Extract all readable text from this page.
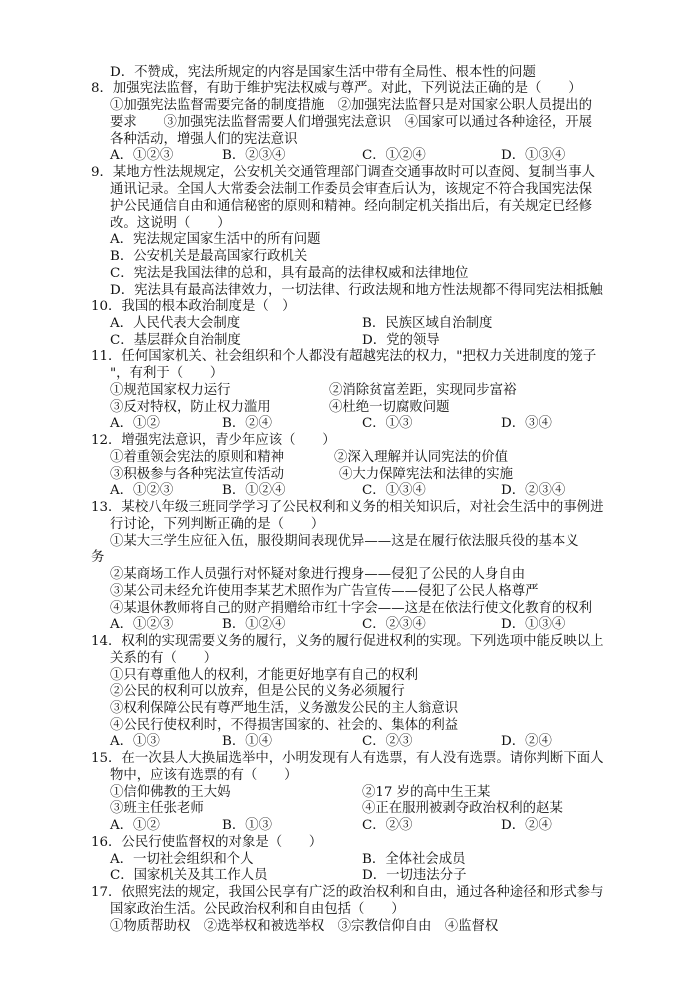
D．不赞成，宪法所规定的内容是国家生活中带有全局性、根本性的问题
8．加强宪法监督，有助于维护宪法权威与尊严。对此，下列说法正确的是（　　）
①加强宪法监督需要完备的制度措施　②加强宪法监督只是对国家公职人员提出的
要求　　③加强宪法监督需要人们增强宪法意识　④国家可以通过各种途径，开展
各种活动，增强人们的宪法意识
A．①②③	B．②③④	C．①②④	D．①③④
9．某地方性法规规定，公安机关交通管理部门调查交通事故时可以查阅、复制当事人
通讯记录。全国人大常委会法制工作委员会审查后认为，该规定不符合我国宪法保
护公民通信自由和通信秘密的原则和精神。经向制定机关指出后，有关规定已经修
改。这说明（　　）
A．宪法规定国家生活中的所有问题
B．公安机关是最高国家行政机关
C．宪法是我国法律的总和，具有最高的法律权威和法律地位
D．宪法具有最高法律效力，一切法律、行政法规和地方性法规都不得同宪法相抵触
10．我国的根本政治制度是（　）
A．人民代表大会制度	B．民族区域自治制度
C．基层群众自治制度	D．党的领导
11．任何国家机关、社会组织和个人都没有超越宪法的权力，"把权力关进制度的笼子
"，有利于（　　）
①规范国家权力运行	②消除贫富差距，实现同步富裕
③反对特权，防止权力滥用	④杜绝一切腐败问题
A．①②	B．②④	C．①③	D．③④
12．增强宪法意识，青少年应该（　　）
①着重领会宪法的原则和精神	②深入理解并认同宪法的价值
③积极参与各种宪法宣传活动	④大力保障宪法和法律的实施
A．①②③	B．①②④	C．①③④	D．②③④
13．某校八年级三班同学学习了公民权利和义务的相关知识后，对社会生活中的事例进
行讨论，下列判断正确的是（　　）
①某大三学生应征入伍，服役期间表现优异——这是在履行依法服兵役的基本义
务
②某商场工作人员强行对怀疑对象进行搜身——侵犯了公民的人身自由
③某公司未经允许使用李某艺术照作为广告宣传——侵犯了公民人格尊严
④某退休教师将自己的财产捐赠给市红十字会——这是在依法行使文化教育的权利
A．①②③	B．①②④	C．②③④	D．①③④
14．权利的实现需要义务的履行，义务的履行促进权利的实现。下列选项中能反映以上
关系的有（　　）
①只有尊重他人的权利，才能更好地享有自己的权利
②公民的权利可以放弃，但是公民的义务必须履行
③权利保障公民有尊严地生活，义务激发公民的主人翁意识
④公民行使权利时，不得损害国家的、社会的、集体的利益
A．①③	B．①④	C．②③	D．②④
15．在一次县人大换届选举中，小明发现有人有选票，有人没有选票。请你判断下面人
物中，应该有选票的有（　　）
①信仰佛教的王大妈	②17 岁的高中生王某
③班主任张老师	④正在服刑被剥夺政治权利的赵某
A．①②	B．①③	C．②③	D．②④
16．公民行使监督权的对象是（　　）
A．一切社会组织和个人	B．全体社会成员
C．国家机关及其工作人员	D．一切违法分子
17．依照宪法的规定，我国公民享有广泛的政治权利和自由，通过各种途径和形式参与
国家政治生活。公民政治权利和自由包括（　　）
①物质帮助权　②选举权和被选举权　③宗教信仰自由　④监督权
